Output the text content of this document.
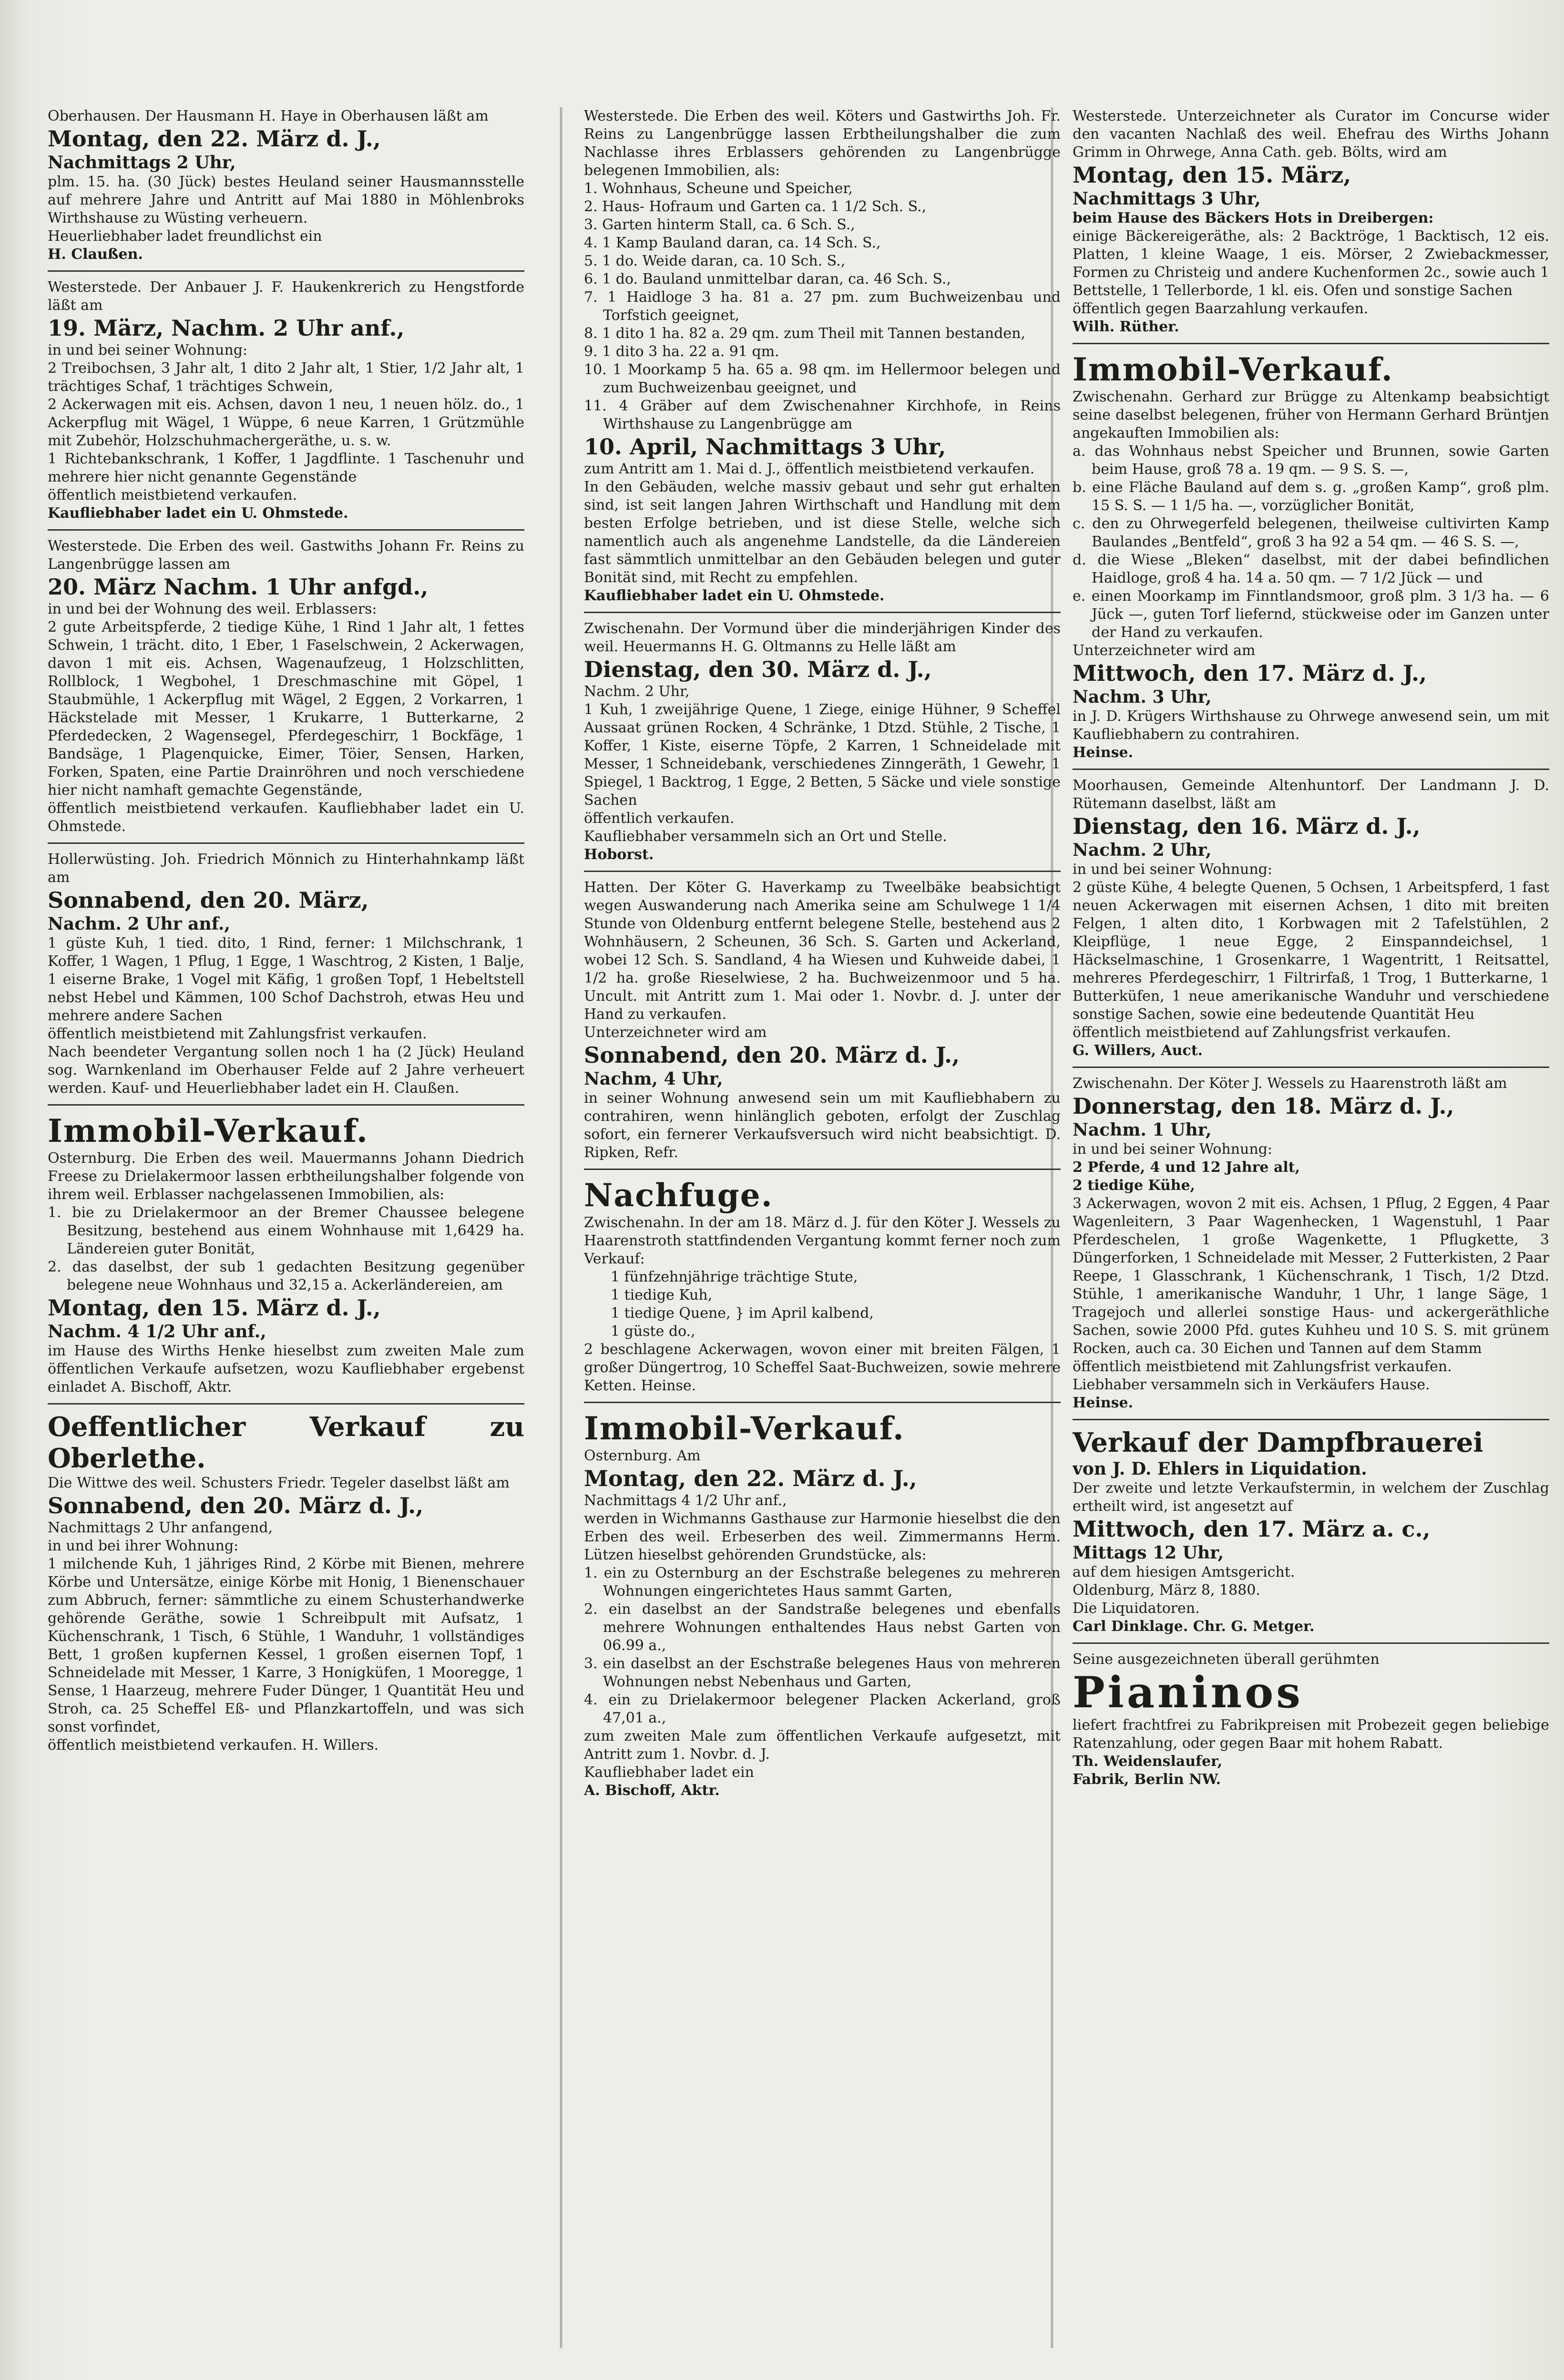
Oberhausen. Der Hausmann H. Haye in Oberhausen läßt am

Montag, den 22. März d. J.,

Nachmittags 2 Uhr,

plm. 15. ha. (30 Jück) bestes Heuland seiner Hausmannsstelle auf mehrere Jahre und Antritt auf Mai 1880 in Möhlenbroks Wirthshause zu Wüsting verheuern.

Heuerliebhaber ladet freundlichst ein

H. Claußen.

Westerstede. Der Anbauer J. F. Haukenkrerich zu Hengstforde läßt am

19. März, Nachm. 2 Uhr anf.,

in und bei seiner Wohnung:

2 Treibochsen, 3 Jahr alt, 1 dito 2 Jahr alt, 1 Stier, 1/2 Jahr alt, 1 trächtiges Schaf, 1 trächtiges Schwein,

2 Ackerwagen mit eis. Achsen, davon 1 neu, 1 neuen hölz. do., 1 Ackerpflug mit Wägel, 1 Wüppe, 6 neue Karren, 1 Grützmühle mit Zubehör, Holzschuhmachergeräthe, u. s. w.

1 Richtebankschrank, 1 Koffer, 1 Jagdflinte. 1 Taschenuhr und mehrere hier nicht genannte Gegenstände

öffentlich meistbietend verkaufen.

Kaufliebhaber ladet ein U. Ohmstede.

Westerstede. Die Erben des weil. Gastwiths Johann Fr. Reins zu Langenbrügge lassen am

20. März Nachm. 1 Uhr anfgd.,

in und bei der Wohnung des weil. Erblassers:

2 gute Arbeitspferde, 2 tiedige Kühe, 1 Rind 1 Jahr alt, 1 fettes Schwein, 1 trächt. dito, 1 Eber, 1 Faselschwein, 2 Ackerwagen, davon 1 mit eis. Achsen, Wagenaufzeug, 1 Holzschlitten, Rollblock, 1 Wegbohel, 1 Dreschmaschine mit Göpel, 1 Staubmühle, 1 Ackerpflug mit Wägel, 2 Eggen, 2 Vorkarren, 1 Häckstelade mit Messer, 1 Krukarre, 1 Butterkarne, 2 Pferdedecken, 2 Wagensegel, Pferdegeschirr, 1 Bockfäge, 1 Bandsäge, 1 Plagenquicke, Eimer, Töier, Sensen, Harken, Forken, Spaten, eine Partie Drainröhren und noch verschiedene hier nicht namhaft gemachte Gegenstände,

öffentlich meistbietend verkaufen. Kaufliebhaber ladet ein U. Ohmstede.

Hollerwüsting. Joh. Friedrich Mönnich zu Hinterhahnkamp läßt am

Sonnabend, den 20. März,

Nachm. 2 Uhr anf.,

1 güste Kuh, 1 tied. dito, 1 Rind, ferner: 1 Milchschrank, 1 Koffer, 1 Wagen, 1 Pflug, 1 Egge, 1 Waschtrog, 2 Kisten, 1 Balje, 1 eiserne Brake, 1 Vogel mit Käfig, 1 großen Topf, 1 Hebeltstell nebst Hebel und Kämmen, 100 Schof Dachstroh, etwas Heu und mehrere andere Sachen

öffentlich meistbietend mit Zahlungsfrist verkaufen.

Nach beendeter Vergantung sollen noch 1 ha (2 Jück) Heuland sog. Warnkenland im Oberhauser Felde auf 2 Jahre verheuert werden. Kauf- und Heuerliebhaber ladet ein H. Claußen.

Immobil-Verkauf.

Osternburg. Die Erben des weil. Mauermanns Johann Diedrich Freese zu Drielakermoor lassen erbtheilungshalber folgende von ihrem weil. Erblasser nachgelassenen Immobilien, als:

1. bie zu Drielakermoor an der Bremer Chaussee belegene Besitzung, bestehend aus einem Wohnhause mit 1,6429 ha. Ländereien guter Bonität,

2. das daselbst, der sub 1 gedachten Besitzung gegenüber belegene neue Wohnhaus und 32,15 a. Ackerländereien, am

Montag, den 15. März d. J.,

Nachm. 4 1/2 Uhr anf.,

im Hause des Wirths Henke hieselbst zum zweiten Male zum öffentlichen Verkaufe aufsetzen, wozu Kaufliebhaber ergebenst einladet A. Bischoff, Aktr.

Oeffentlicher Verkauf zu Oberlethe.

Die Wittwe des weil. Schusters Friedr. Tegeler daselbst läßt am

Sonnabend, den 20. März d. J.,

Nachmittags 2 Uhr anfangend,

in und bei ihrer Wohnung:

1 milchende Kuh, 1 jähriges Rind, 2 Körbe mit Bienen, mehrere Körbe und Untersätze, einige Körbe mit Honig, 1 Bienenschauer zum Abbruch, ferner: sämmtliche zu einem Schusterhandwerke gehörende Geräthe, sowie 1 Schreibpult mit Aufsatz, 1 Küchenschrank, 1 Tisch, 6 Stühle, 1 Wanduhr, 1 vollständiges Bett, 1 großen kupfernen Kessel, 1 großen eisernen Topf, 1 Schneidelade mit Messer, 1 Karre, 3 Honigküfen, 1 Mooregge, 1 Sense, 1 Haarzeug, mehrere Fuder Dünger, 1 Quantität Heu und Stroh, ca. 25 Scheffel Eß- und Pflanzkartoffeln, und was sich sonst vorfindet,

öffentlich meistbietend verkaufen. H. Willers.

Westerstede. Die Erben des weil. Köters und Gastwirths Joh. Fr. Reins zu Langenbrügge lassen Erbtheilungshalber die zum Nachlasse ihres Erblassers gehörenden zu Langenbrügge belegenen Immobilien, als:

1. Wohnhaus, Scheune und Speicher,

2. Haus- Hofraum und Garten ca. 1 1/2 Sch. S.,

3. Garten hinterm Stall, ca. 6 Sch. S.,

4. 1 Kamp Bauland daran, ca. 14 Sch. S.,

5. 1 do. Weide daran, ca. 10 Sch. S.,

6. 1 do. Bauland unmittelbar daran, ca. 46 Sch. S.,

7. 1 Haidloge 3 ha. 81 a. 27 pm. zum Buchweizenbau und Torfstich geeignet,

8. 1 dito 1 ha. 82 a. 29 qm. zum Theil mit Tannen bestanden,

9. 1 dito 3 ha. 22 a. 91 qm.

10. 1 Moorkamp 5 ha. 65 a. 98 qm. im Hellermoor belegen und zum Buchweizenbau geeignet, und

11. 4 Gräber auf dem Zwischenahner Kirchhofe, in Reins Wirthshause zu Langenbrügge am

10. April, Nachmittags 3 Uhr,

zum Antritt am 1. Mai d. J., öffentlich meistbietend verkaufen.

In den Gebäuden, welche massiv gebaut und sehr gut erhalten sind, ist seit langen Jahren Wirthschaft und Handlung mit dem besten Erfolge betrieben, und ist diese Stelle, welche sich namentlich auch als angenehme Landstelle, da die Ländereien fast sämmtlich unmittelbar an den Gebäuden belegen und guter Bonität sind, mit Recht zu empfehlen.

Kaufliebhaber ladet ein U. Ohmstede.

Zwischenahn. Der Vormund über die minderjährigen Kinder des weil. Heuermanns H. G. Oltmanns zu Helle läßt am

Dienstag, den 30. März d. J.,

Nachm. 2 Uhr,

1 Kuh, 1 zweijährige Quene, 1 Ziege, einige Hühner, 9 Scheffel Aussaat grünen Rocken, 4 Schränke, 1 Dtzd. Stühle, 2 Tische, 1 Koffer, 1 Kiste, eiserne Töpfe, 2 Karren, 1 Schneidelade mit Messer, 1 Schneidebank, verschiedenes Zinngeräth, 1 Gewehr, 1 Spiegel, 1 Backtrog, 1 Egge, 2 Betten, 5 Säcke und viele sonstige Sachen

öffentlich verkaufen.

Kaufliebhaber versammeln sich an Ort und Stelle.

Hoborst.

Hatten. Der Köter G. Haverkamp zu Tweelbäke beabsichtigt wegen Auswanderung nach Amerika seine am Schulwege 1 1/4 Stunde von Oldenburg entfernt belegene Stelle, bestehend aus 2 Wohnhäusern, 2 Scheunen, 36 Sch. S. Garten und Ackerland, wobei 12 Sch. S. Sandland, 4 ha Wiesen und Kuhweide dabei, 1 1/2 ha. große Rieselwiese, 2 ha. Buchweizenmoor und 5 ha. Uncult. mit Antritt zum 1. Mai oder 1. Novbr. d. J. unter der Hand zu verkaufen.

Unterzeichneter wird am

Sonnabend, den 20. März d. J.,

Nachm, 4 Uhr,

in seiner Wohnung anwesend sein um mit Kaufliebhabern zu contrahiren, wenn hinlänglich geboten, erfolgt der Zuschlag sofort, ein fernerer Verkaufsversuch wird nicht beabsichtigt. D. Ripken, Refr.

Nachfuge.

Zwischenahn. In der am 18. März d. J. für den Köter J. Wessels zu Haarenstroth stattfindenden Vergantung kommt ferner noch zum Verkauf:

1 fünfzehnjährige trächtige Stute,

1 tiedige Kuh,

1 tiedige Quene, } im April kalbend,

1 güste do.,

2 beschlagene Ackerwagen, wovon einer mit breiten Fälgen, 1 großer Düngertrog, 10 Scheffel Saat-Buchweizen, sowie mehrere Ketten. Heinse.

Immobil-Verkauf.

Osternburg. Am

Montag, den 22. März d. J.,

Nachmittags 4 1/2 Uhr anf.,

werden in Wichmanns Gasthause zur Harmonie hieselbst die den Erben des weil. Erbeserben des weil. Zimmermanns Herm. Lützen hieselbst gehörenden Grundstücke, als:

1. ein zu Osternburg an der Eschstraße belegenes zu mehreren Wohnungen eingerichtetes Haus sammt Garten,

2. ein daselbst an der Sandstraße belegenes und ebenfalls mehrere Wohnungen enthaltendes Haus nebst Garten von 06.99 a.,

3. ein daselbst an der Eschstraße belegenes Haus von mehreren Wohnungen nebst Nebenhaus und Garten,

4. ein zu Drielakermoor belegener Placken Ackerland, groß 47,01 a.,

zum zweiten Male zum öffentlichen Verkaufe aufgesetzt, mit Antritt zum 1. Novbr. d. J.

Kaufliebhaber ladet ein

A. Bischoff, Aktr.

Westerstede. Unterzeichneter als Curator im Concurse wider den vacanten Nachlaß des weil. Ehefrau des Wirths Johann Grimm in Ohrwege, Anna Cath. geb. Bölts, wird am

Montag, den 15. März,

Nachmittags 3 Uhr,

beim Hause des Bäckers Hots in Dreibergen:

einige Bäckereigeräthe, als: 2 Backtröge, 1 Backtisch, 12 eis. Platten, 1 kleine Waage, 1 eis. Mörser, 2 Zwiebackmesser, Formen zu Christeig und andere Kuchenformen 2c., sowie auch 1 Bettstelle, 1 Tellerborde, 1 kl. eis. Ofen und sonstige Sachen

öffentlich gegen Baarzahlung verkaufen.

Wilh. Rüther.

Immobil-Verkauf.

Zwischenahn. Gerhard zur Brügge zu Altenkamp beabsichtigt seine daselbst belegenen, früher von Hermann Gerhard Brüntjen angekauften Immobilien als:

a. das Wohnhaus nebst Speicher und Brunnen, sowie Garten beim Hause, groß 78 a. 19 qm. — 9 S. S. —,

b. eine Fläche Bauland auf dem s. g. „großen Kamp“, groß plm. 15 S. S. — 1 1/5 ha. —, vorzüglicher Bonität,

c. den zu Ohrwegerfeld belegenen, theilweise cultivirten Kamp Baulandes „Bentfeld“, groß 3 ha 92 a 54 qm. — 46 S. S. —,

d. die Wiese „Bleken“ daselbst, mit der dabei befindlichen Haidloge, groß 4 ha. 14 a. 50 qm. — 7 1/2 Jück — und

e. einen Moorkamp im Finntlandsmoor, groß plm. 3 1/3 ha. — 6 Jück —, guten Torf liefernd, stückweise oder im Ganzen unter der Hand zu verkaufen.

Unterzeichneter wird am

Mittwoch, den 17. März d. J.,

Nachm. 3 Uhr,

in J. D. Krügers Wirthshause zu Ohrwege anwesend sein, um mit Kaufliebhabern zu contrahiren.

Heinse.

Moorhausen, Gemeinde Altenhuntorf. Der Landmann J. D. Rütemann daselbst, läßt am

Dienstag, den 16. März d. J.,

Nachm. 2 Uhr,

in und bei seiner Wohnung:

2 güste Kühe, 4 belegte Quenen, 5 Ochsen, 1 Arbeitspferd, 1 fast neuen Ackerwagen mit eisernen Achsen, 1 dito mit breiten Felgen, 1 alten dito, 1 Korbwagen mit 2 Tafelstühlen, 2 Kleipflüge, 1 neue Egge, 2 Einspanndeichsel, 1 Häckselmaschine, 1 Grosenkarre, 1 Wagentritt, 1 Reitsattel, mehreres Pferdegeschirr, 1 Filtrirfaß, 1 Trog, 1 Butterkarne, 1 Butterküfen, 1 neue amerikanische Wanduhr und verschiedene sonstige Sachen, sowie eine bedeutende Quantität Heu

öffentlich meistbietend auf Zahlungsfrist verkaufen.

G. Willers, Auct.

Zwischenahn. Der Köter J. Wessels zu Haarenstroth läßt am

Donnerstag, den 18. März d. J.,

Nachm. 1 Uhr,

in und bei seiner Wohnung:

2 Pferde, 4 und 12 Jahre alt,

2 tiedige Kühe,

3 Ackerwagen, wovon 2 mit eis. Achsen, 1 Pflug, 2 Eggen, 4 Paar Wagenleitern, 3 Paar Wagenhecken, 1 Wagenstuhl, 1 Paar Pferdeschelen, 1 große Wagenkette, 1 Pflugkette, 3 Düngerforken, 1 Schneidelade mit Messer, 2 Futterkisten, 2 Paar Reepe, 1 Glasschrank, 1 Küchenschrank, 1 Tisch, 1/2 Dtzd. Stühle, 1 amerikanische Wanduhr, 1 Uhr, 1 lange Säge, 1 Tragejoch und allerlei sonstige Haus- und ackergeräthliche Sachen, sowie 2000 Pfd. gutes Kuhheu und 10 S. S. mit grünem Rocken, auch ca. 30 Eichen und Tannen auf dem Stamm

öffentlich meistbietend mit Zahlungsfrist verkaufen.

Liebhaber versammeln sich in Verkäufers Hause.

Heinse.

Verkauf der Dampfbrauerei

von J. D. Ehlers in Liquidation.

Der zweite und letzte Verkaufstermin, in welchem der Zuschlag ertheilt wird, ist angesetzt auf

Mittwoch, den 17. März a. c.,

Mittags 12 Uhr,

auf dem hiesigen Amtsgericht.

Oldenburg, März 8, 1880.

Die Liquidatoren.

Carl Dinklage. Chr. G. Metger.

Seine ausgezeichneten überall gerühmten

Pianinos

liefert frachtfrei zu Fabrikpreisen mit Probezeit gegen beliebige Ratenzahlung, oder gegen Baar mit hohem Rabatt.

Th. Weidenslaufer,

Fabrik, Berlin NW.
